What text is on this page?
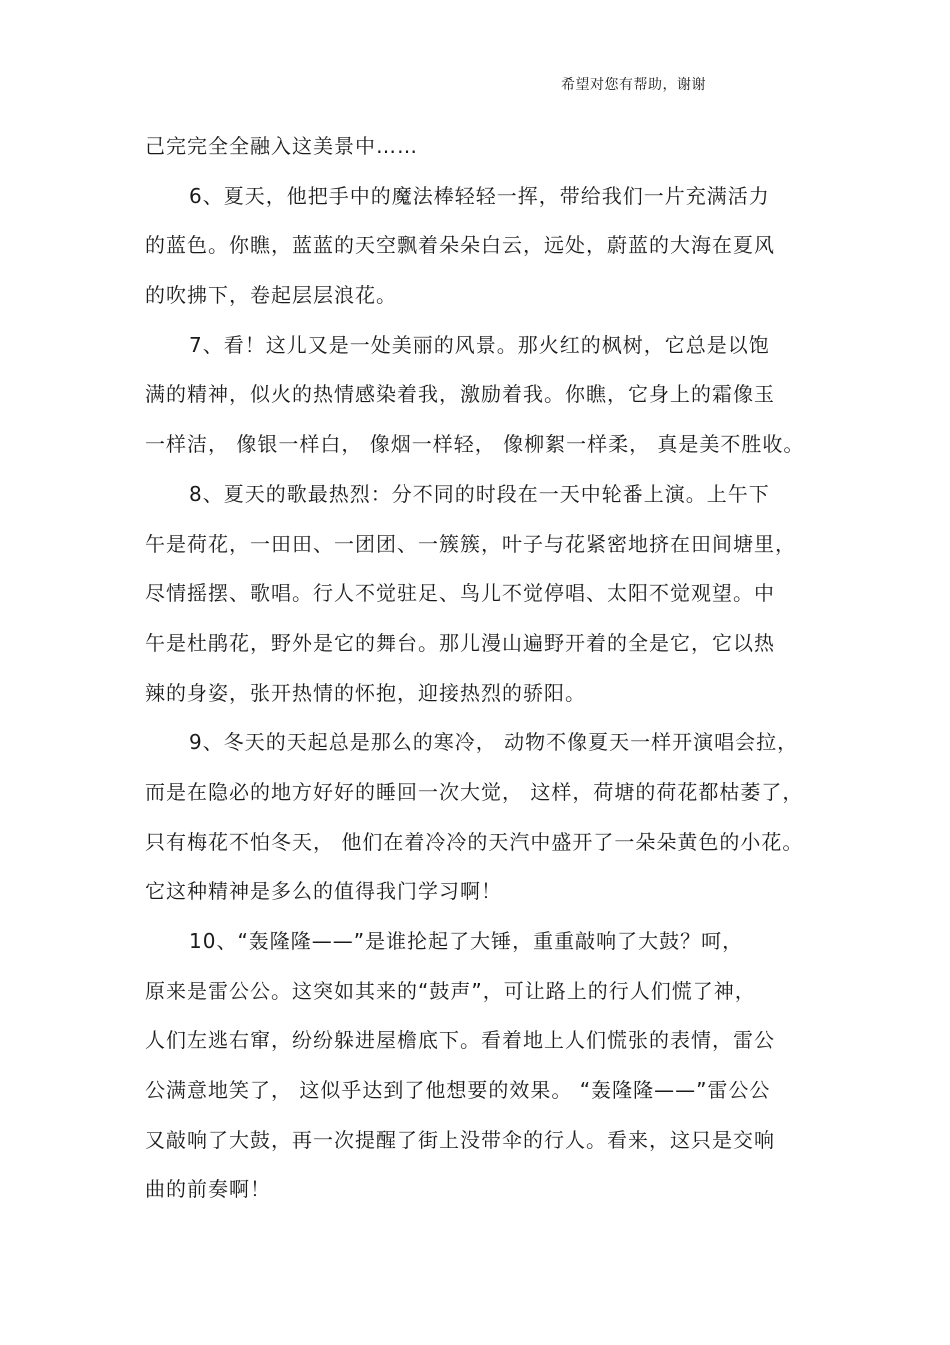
希望对您有帮助，谢谢
己完完全全融入这美景中……
6、夏天，他把手中的魔法棒轻轻一挥，带给我们一片充满活力
的蓝色。你瞧，蓝蓝的天空飘着朵朵白云，远处，蔚蓝的大海在夏风
的吹拂下，卷起层层浪花。
7、看！这儿又是一处美丽的风景。那火红的枫树，它总是以饱
满的精神，似火的热情感染着我，激励着我。你瞧，它身上的霜像玉
一样洁， 像银一样白， 像烟一样轻， 像柳絮一样柔， 真是美不胜收。
8、夏天的歌最热烈：分不同的时段在一天中轮番上演。上午下
午是荷花，一田田、一团团、一簇簇，叶子与花紧密地挤在田间塘里，
尽情摇摆、歌唱。行人不觉驻足、鸟儿不觉停唱、太阳不觉观望。中
午是杜鹃花，野外是它的舞台。那儿漫山遍野开着的全是它，它以热
辣的身姿，张开热情的怀抱，迎接热烈的骄阳。
9、冬天的天起总是那么的寒冷， 动物不像夏天一样开演唱会拉，
而是在隐必的地方好好的睡回一次大觉， 这样，荷塘的荷花都枯萎了，
只有梅花不怕冬天， 他们在着冷冷的天汽中盛开了一朵朵黄色的小花。
它这种精神是多么的值得我门学习啊！
10、“轰隆隆——”是谁抡起了大锤，重重敲响了大鼓？呵，
原来是雷公公。这突如其来的“鼓声”，可让路上的行人们慌了神，
人们左逃右窜，纷纷躲进屋檐底下。看着地上人们慌张的表情，雷公
公满意地笑了， 这似乎达到了他想要的效果。 “轰隆隆——”雷公公
又敲响了大鼓，再一次提醒了街上没带伞的行人。看来，这只是交响
曲的前奏啊！
